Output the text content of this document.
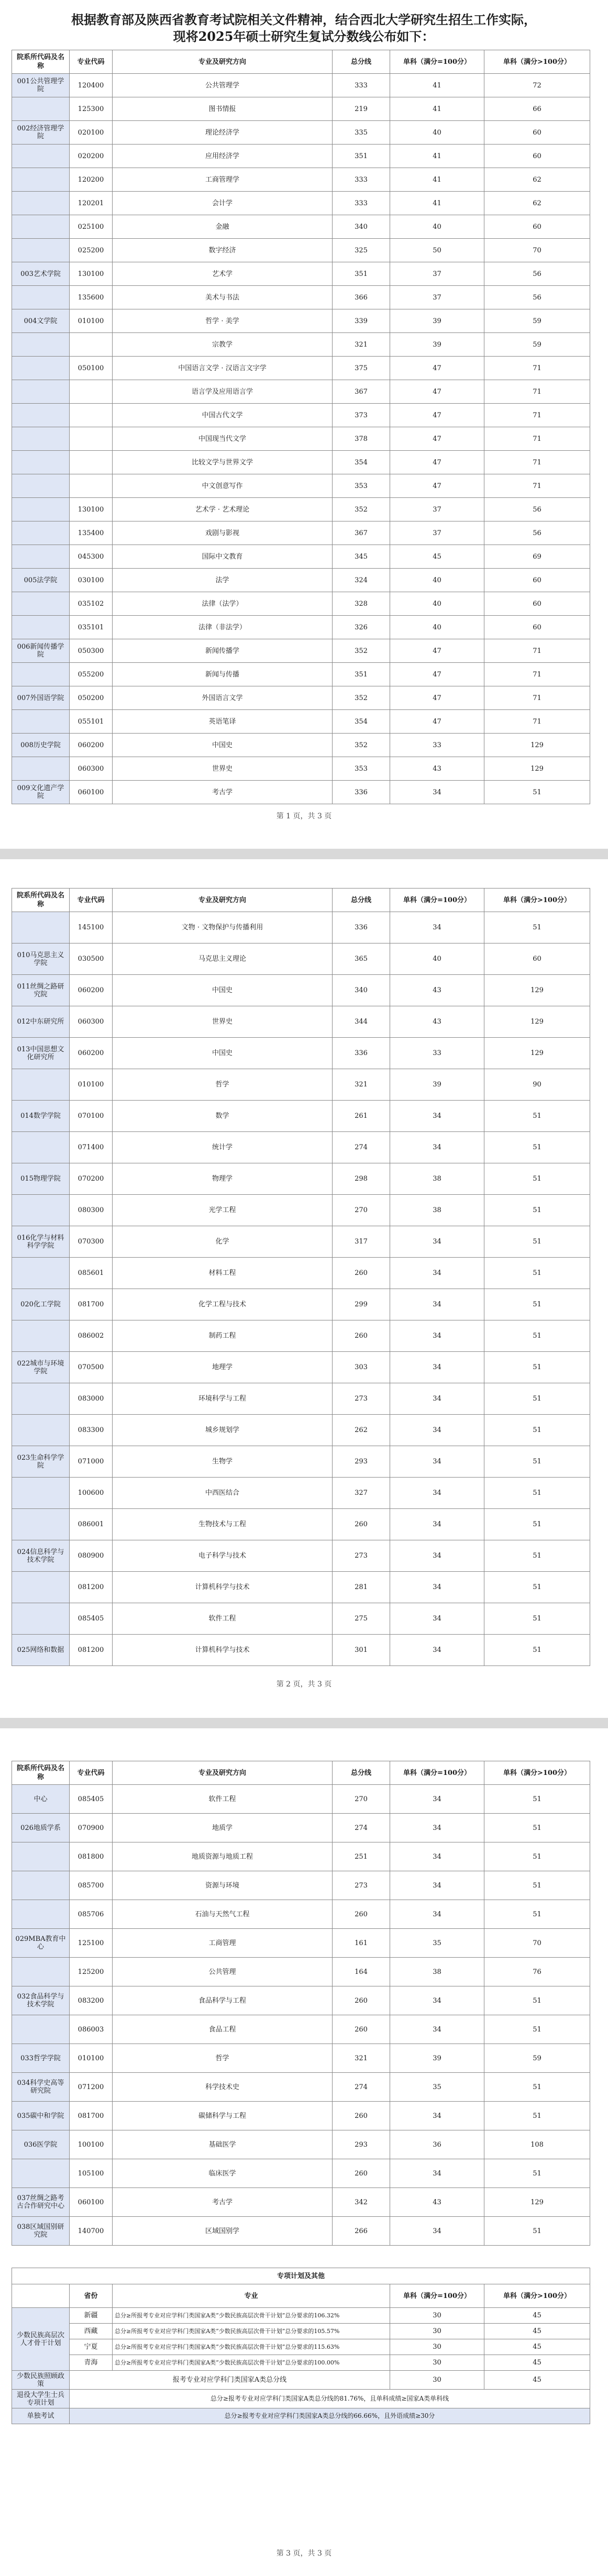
根据教育部及陕西省教育考试院相关文件精神，结合西北大学研究生招生工作实际，
现将2025年硕士研究生复试分数线公布如下：
院系所代码及名称	专业代码	专业及研究方向	总分线	单科（满分=100分）	单科（满分>100分）
001公共管理学院	120400	公共管理学	333	41	72
	125300	图书情报	219	41	66
002经济管理学院	020100	理论经济学	335	40	60
	020200	应用经济学	351	41	60
	120200	工商管理学	333	41	62
	120201	会计学	333	41	62
	025100	金融	340	40	60
	025200	数字经济	325	50	70
003艺术学院	130100	艺术学	351	37	56
	135600	美术与书法	366	37	56
004文学院	010100	哲学 · 美学	339	39	59
		宗教学	321	39	59
	050100	中国语言文学 · 汉语言文字学	375	47	71
		语言学及应用语言学	367	47	71
		中国古代文学	373	47	71
		中国现当代文学	378	47	71
		比较文学与世界文学	354	47	71
		中文创意写作	353	47	71
	130100	艺术学 · 艺术理论	352	37	56
	135400	戏剧与影视	367	37	56
	045300	国际中文教育	345	45	69
005法学院	030100	法学	324	40	60
	035102	法律（法学）	328	40	60
	035101	法律（非法学）	326	40	60
006新闻传播学院	050300	新闻传播学	352	47	71
	055200	新闻与传播	351	47	71
007外国语学院	050200	外国语言文学	352	47	71
	055101	英语笔译	354	47	71
008历史学院	060200	中国史	352	33	129
	060300	世界史	353	43	129
009文化遗产学院	060100	考古学	336	34	51
第 1 页，共 3 页
院系所代码及名称	专业代码	专业及研究方向	总分线	单科（满分=100分）	单科（满分>100分）
	145100	文物 · 文物保护与传播利用	336	34	51
010马克思主义学院	030500	马克思主义理论	365	40	60
011丝绸之路研究院	060200	中国史	340	43	129
012中东研究所	060300	世界史	344	43	129
013中国思想文化研究所	060200	中国史	336	33	129
	010100	哲学	321	39	90
014数学学院	070100	数学	261	34	51
	071400	统计学	274	34	51
015物理学院	070200	物理学	298	38	51
	080300	光学工程	270	38	51
016化学与材料科学学院	070300	化学	317	34	51
	085601	材料工程	260	34	51
020化工学院	081700	化学工程与技术	299	34	51
	086002	制药工程	260	34	51
022城市与环境学院	070500	地理学	303	34	51
	083000	环境科学与工程	273	34	51
	083300	城乡规划学	262	34	51
023生命科学学院	071000	生物学	293	34	51
	100600	中西医结合	327	34	51
	086001	生物技术与工程	260	34	51
024信息科学与技术学院	080900	电子科学与技术	273	34	51
	081200	计算机科学与技术	281	34	51
	085405	软件工程	275	34	51
025网络和数据	081200	计算机科学与技术	301	34	51
第 2 页，共 3 页
院系所代码及名称	专业代码	专业及研究方向	总分线	单科（满分=100分）	单科（满分>100分）
中心	085405	软件工程	270	34	51
026地质学系	070900	地质学	274	34	51
	081800	地质资源与地质工程	251	34	51
	085700	资源与环境	273	34	51
	085706	石油与天然气工程	260	34	51
029MBA教育中心	125100	工商管理	161	35	70
	125200	公共管理	164	38	76
032食品科学与技术学院	083200	食品科学与工程	260	34	51
	086003	食品工程	260	34	51
033哲学学院	010100	哲学	321	39	59
034科学史高等研究院	071200	科学技术史	274	35	51
035碳中和学院	081700	碳储科学与工程	260	34	51
036医学院	100100	基础医学	293	36	108
	105100	临床医学	260	34	51
037丝绸之路考古合作研究中心	060100	考古学	342	43	129
038区域国别研究院	140700	区域国别学	266	34	51
专项计划及其他				
	省份	专业	单科（满分=100分）	单科（满分>100分）
少数民族高层次人才骨干计划	新疆	总分≥所报考专业对应学科门类国家A类“少数民族高层次骨干计划”总分要求的106.32%	30	45
	西藏	总分≥所报考专业对应学科门类国家A类“少数民族高层次骨干计划”总分要求的105.57%	30	45
	宁夏	总分≥所报考专业对应学科门类国家A类“少数民族高层次骨干计划”总分要求的115.63%	30	45
	青海	总分≥所报考专业对应学科门类国家A类“少数民族高层次骨干计划”总分要求的100.00%	30	45
少数民族照顾政策	报考专业对应学科门类国家A类总分线		30	45
退役大学生士兵专项计划	总分≥报考专业对应学科门类国家A类总分线的81.76%，且单科成绩≥国家A类单科线			
单独考试	总分≥报考专业对应学科门类国家A类总分线的66.66%，且外语成绩≥30分			
第 3 页，共 3 页
